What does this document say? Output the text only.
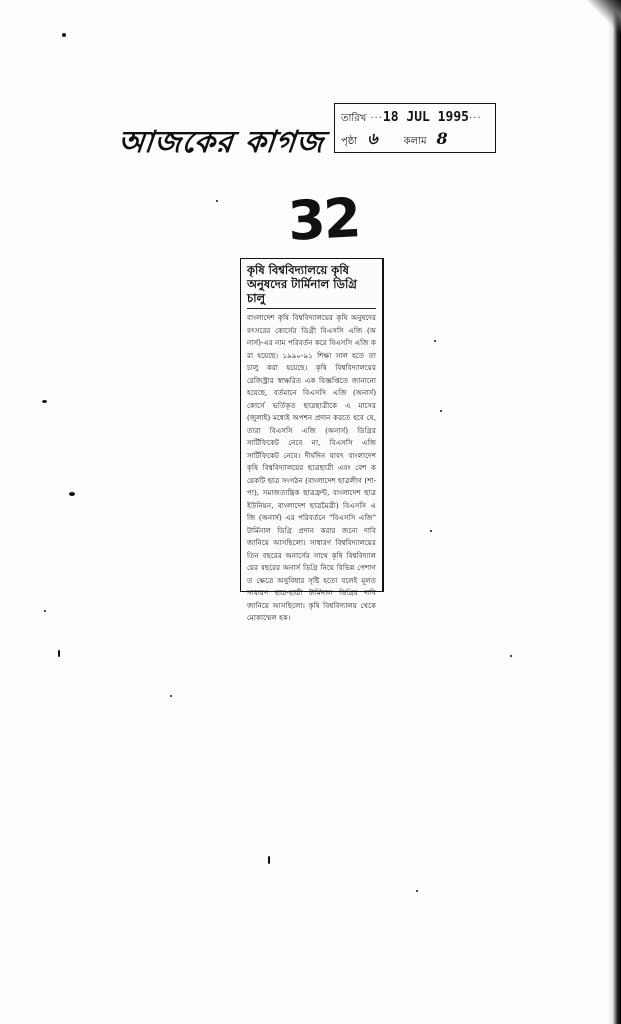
আজকের কাগজ
তারিখ ··· 18 JUL 1995 ···
পৃষ্ঠা ৬	কলাম 8
32
কৃষি বিশ্ববিদ্যালয়ে কৃষি অনুষদের টার্মিনাল ডিগ্রি চালু

বাংলাদেশ কৃষি বিশ্ববিদ্যালয়ের কৃষি অনুষদের বৎসরের কোর্সের ডিগ্রী বিএসসি এজি (অনার্স)-এর নাম পরিবর্তন করে বিএসসি এজি করা হয়েছে। ১৯৯০-৯১ শিক্ষা সাল হতে তা চালু করা হয়েছে। কৃষি বিশ্ববিদ্যালয়ের রেজিস্ট্রার স্বাক্ষরিত এক বিজ্ঞপ্তিতে জানানো হয়েছে, বর্তমানে বিএসসি এজি (অনার্স) কোর্সে ভর্তিকৃত ছাত্রছাত্রীকে এ মাসের (জুলাই) মধ্যেই অপশন প্রদান করতে হবে যে, তারা বিএসসি এজি (অনার্স) ডিগ্রির সার্টিফিকেট নেবে না, বিএসসি এজি সার্টিফিকেট নেবে। দীর্ঘদিন যাবৎ বাংলাদেশ কৃষি বিশ্ববিদ্যালয়ের ছাত্রছাত্রী এবং বেশ কয়েকটি ছাত্র সংগঠন (বাংলাদেশ ছাত্রলীগ (শা-পা), সমাজতান্ত্রিক ছাত্রফ্রন্ট, বাংলাদেশ ছাত্র ইউনিয়ন, বাংলাদেশ ছাত্রমৈত্রী) বিএসসি এজি (অনার্স) এর পরিবর্তনে "বিএসসি এজি" টার্মিনাল ডিগ্রি প্রদান করার জন্যে দাবি জানিয়ে আসছিলো। সাধারণ বিশ্ববিদ্যালয়ের তিন বছরের অনার্সের সাথে কৃষি বিশ্ববিদ্যালয়ের বছরের অনার্স ডিগ্রি নিয়ে বিভিন্ন পেশাগত ক্ষেত্রে অসুবিধার সৃষ্টি হতো বলেই মূলত সাধারণ ছাত্র-ছাত্রী টার্মিনাল ডিগ্রির দাবি জানিয়ে আসছিলো। কৃষি বিশ্ববিদ্যালয় থেকে মোকাম্মেল হক।
